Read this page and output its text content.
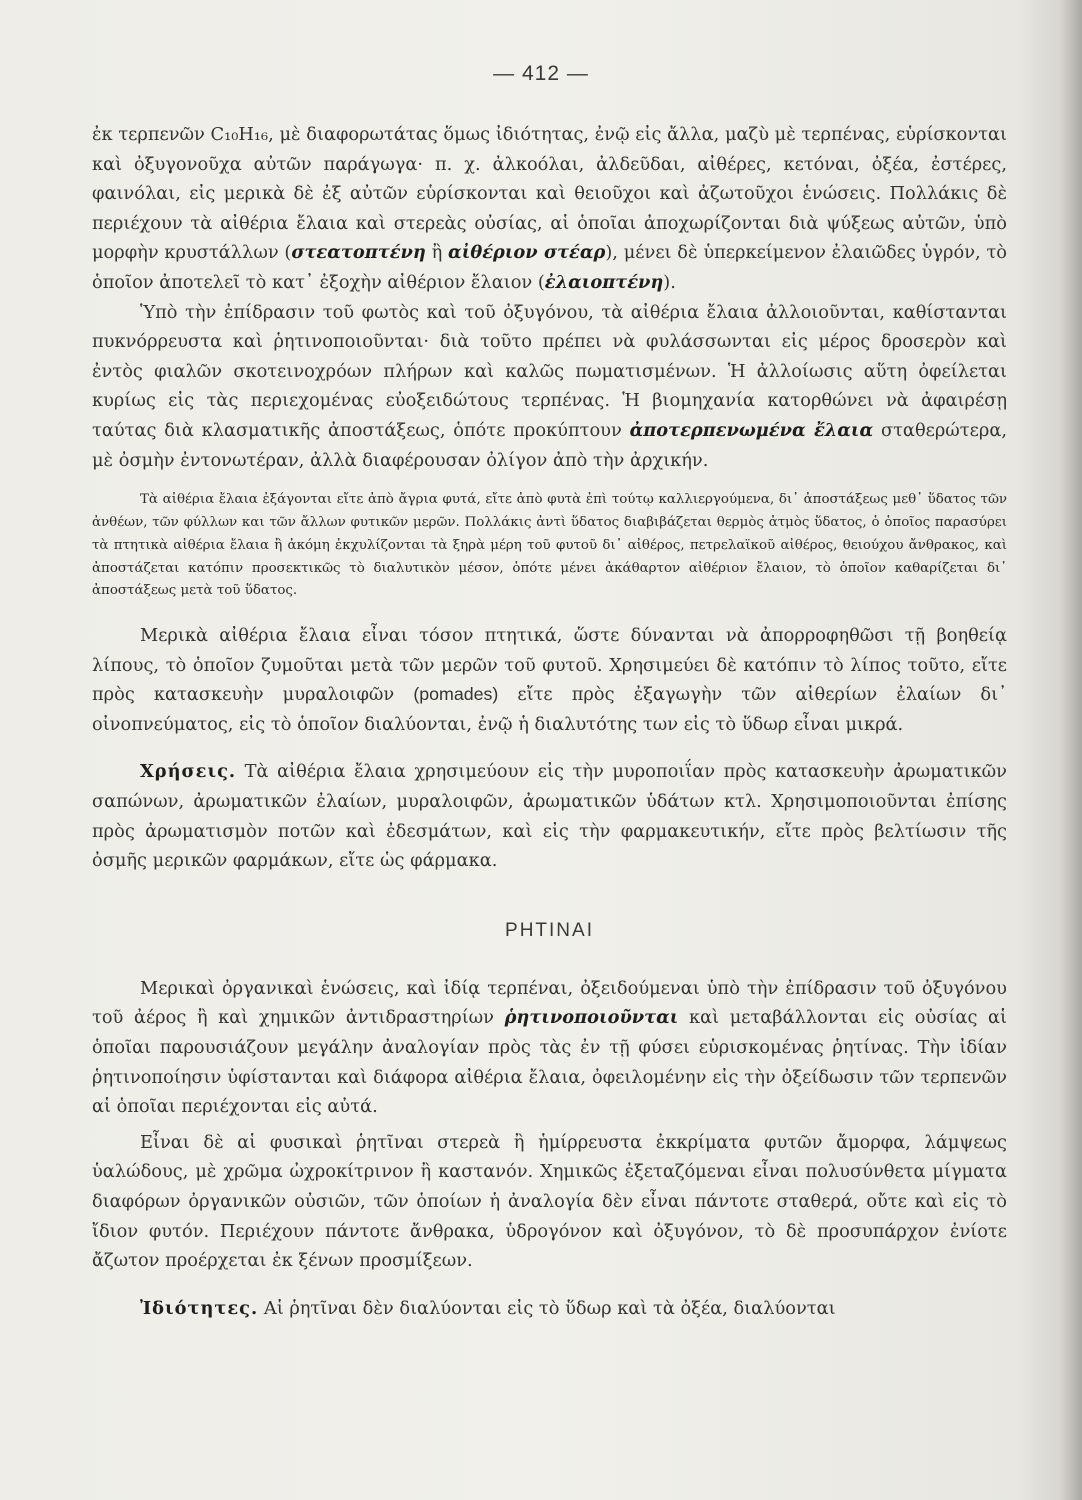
— 412 —

ἐκ τερπενῶν C₁₀H₁₆, μὲ διαφορωτάτας ὅμως ἰδιότητας, ἐνῷ εἰς ἄλλα, μαζὺ μὲ τερπένας, εὑρίσκονται καὶ ὀξυγονοῦχα αὐτῶν παράγωγα· π. χ. ἀλκοόλαι, ἀλδεῦδαι, αἰθέρες, κετόναι, ὀξέα, ἐστέρες, φαινόλαι, εἰς μερικὰ δὲ ἐξ αὐτῶν εὑρίσκονται καὶ θειοῦχοι καὶ ἀζωτοῦχοι ἑνώσεις. Πολλάκις δὲ περιέχουν τὰ αἰθέρια ἔλαια καὶ στερεὰς οὐσίας, αἱ ὁποῖαι ἀποχωρίζονται διὰ ψύξεως αὐτῶν, ὑπὸ μορφὴν κρυστάλλων (στεατοπτένη ἢ αἰθέριον στέαρ), μένει δὲ ὑπερκείμενον ἐλαιῶδες ὑγρόν, τὸ ὁποῖον ἀποτελεῖ τὸ κατ᾽ ἐξοχὴν αἰθέριον ἔλαιον (ἐλαιοπτένη).

Ὑπὸ τὴν ἐπίδρασιν τοῦ φωτὸς καὶ τοῦ ὀξυγόνου, τὰ αἰθέρια ἔλαια ἀλλοιοῦνται, καθίστανται πυκνόρρευστα καὶ ῥητινοποιοῦνται· διὰ τοῦτο πρέπει νὰ φυλάσσωνται εἰς μέρος δροσερὸν καὶ ἐντὸς φιαλῶν σκοτεινοχρόων πλήρων καὶ καλῶς πωματισμένων. Ἡ ἀλλοίωσις αὕτη ὀφείλεται κυρίως εἰς τὰς περιεχομένας εὐοξειδώτους τερπένας. Ἡ βιομηχανία κατορθώνει νὰ ἀφαιρέσῃ ταύτας διὰ κλασματικῆς ἀποστάξεως, ὁπότε προκύπτουν ἀποτερπενωμένα ἔλαια σταθερώτερα, μὲ ὀσμὴν ἐντονωτέραν, ἀλλὰ διαφέρουσαν ὀλίγον ἀπὸ τὴν ἀρχικήν.

Τὰ αἰθέρια ἔλαια ἐξάγονται εἴτε ἀπὸ ἄγρια φυτά, εἴτε ἀπὸ φυτὰ ἐπὶ τούτῳ καλλιεργούμενα, δι᾽ ἀποστάξεως μεθ᾽ ὕδατος τῶν ἀνθέων, τῶν φύλλων και τῶν ἄλλων φυτικῶν μερῶν. Πολλάκις ἀντὶ ὕδατος διαβιβάζεται θερμὸς ἀτμὸς ὕδατος, ὁ ὁποῖος παρασύρει τὰ πτητικὰ αἰθέρια ἔλαια ἢ ἀκόμη ἐκχυλίζονται τὰ ξηρὰ μέρη τοῦ φυτοῦ δι᾽ αἰθέρος, πετρελαϊκοῦ αἰθέρος, θειούχου ἄνθρακος, καὶ ἀποστάζεται κατόπιν προσεκτικῶς τὸ διαλυτικὸν μέσον, ὁπότε μένει ἀκάθαρτον αἰθέριον ἔλαιον, τὸ ὁποῖον καθαρίζεται δι᾽ ἀποστάξεως μετὰ τοῦ ὕδατος.

Μερικὰ αἰθέρια ἔλαια εἶναι τόσον πτητικά, ὥστε δύνανται νὰ ἀπορροφηθῶσι τῇ βοηθείᾳ λίπους, τὸ ὁποῖον ζυμοῦται μετὰ τῶν μερῶν τοῦ φυτοῦ. Χρησιμεύει δὲ κατόπιν τὸ λίπος τοῦτο, εἴτε πρὸς κατασκευὴν μυραλοιφῶν (pomades) εἴτε πρὸς ἐξαγωγὴν τῶν αἰθερίων ἐλαίων δι᾽ οἰνοπνεύματος, εἰς τὸ ὁποῖον διαλύονται, ἐνῷ ἡ διαλυτότης των εἰς τὸ ὕδωρ εἶναι μικρά.

Χρήσεις. Τὰ αἰθέρια ἔλαια χρησιμεύουν εἰς τὴν μυροποιΐαν πρὸς κατασκευὴν ἀρωματικῶν σαπώνων, ἀρωματικῶν ἐλαίων, μυραλοιφῶν, ἀρωματικῶν ὑδάτων κτλ. Χρησιμοποιοῦνται ἐπίσης πρὸς ἀρωματισμὸν ποτῶν καὶ ἐδεσμάτων, καὶ εἰς τὴν φαρμακευτικήν, εἴτε πρὸς βελτίωσιν τῆς ὀσμῆς μερικῶν φαρμάκων, εἴτε ὡς φάρμακα.

ΡΗΤΙΝΑΙ

Μερικαὶ ὀργανικαὶ ἑνώσεις, καὶ ἰδίᾳ τερπέναι, ὀξειδούμεναι ὑπὸ τὴν ἐπίδρασιν τοῦ ὀξυγόνου τοῦ ἀέρος ἢ καὶ χημικῶν ἀντιδραστηρίων ῥητινοποιοῦνται καὶ μεταβάλλονται εἰς οὐσίας αἱ ὁποῖαι παρουσιάζουν μεγάλην ἀναλογίαν πρὸς τὰς ἐν τῇ φύσει εὑρισκομένας ῥητίνας. Τὴν ἰδίαν ῥητινοποίησιν ὑφίστανται καὶ διάφορα αἰθέρια ἔλαια, ὀφειλομένην εἰς τὴν ὀξείδωσιν τῶν τερπενῶν αἱ ὁποῖαι περιέχονται εἰς αὐτά.

Εἶναι δὲ αἱ φυσικαὶ ῥητῖναι στερεὰ ἢ ἡμίρρευστα ἐκκρίματα φυτῶν ἄμορφα, λάμψεως ὑαλώδους, μὲ χρῶμα ὠχροκίτρινον ἢ καστανόν. Χημικῶς ἐξεταζόμεναι εἶναι πολυσύνθετα μίγματα διαφόρων ὀργανικῶν οὐσιῶν, τῶν ὁποίων ἡ ἀναλογία δὲν εἶναι πάντοτε σταθερά, οὔτε καὶ εἰς τὸ ἴδιον φυτόν. Περιέχουν πάντοτε ἄνθρακα, ὑδρογόνον καὶ ὀξυγόνον, τὸ δὲ προσυπάρχον ἐνίοτε ἄζωτον προέρχεται ἐκ ξένων προσμίξεων.

Ἰδιότητες. Αἱ ῥητῖναι δὲν διαλύονται εἰς τὸ ὕδωρ καὶ τὰ ὀξέα, διαλύονται
